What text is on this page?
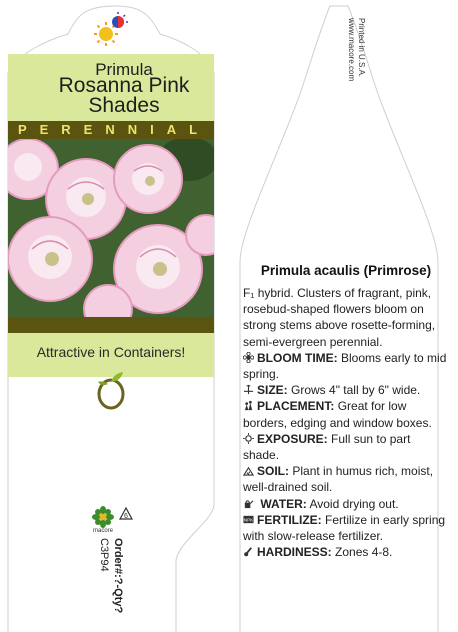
Primula
Rosanna Pink
Shades
PERENNIAL
Attractive in Containers!
macore
6
Order#:?-Qty?
C3P94
Printed in U.S.A.
www.macore.com
Primula acaulis (Primrose)

F₁ hybrid. Clusters of fragrant, pink, rosebud-shaped flowers bloom on strong stems above rosette-forming, semi-evergreen perennial.

BLOOM TIME: Blooms early to mid spring.

SIZE: Grows 4" tall by 6" wide.

PLACEMENT: Great for low borders, edging and window boxes.

EXPOSURE: Full sun to part shade.

SOIL: Plant in humus rich, moist, well-drained soil.

WATER: Avoid drying out.

NPK FERTILIZE: Fertilize in early spring with slow-release fertilizer.

HARDINESS: Zones 4-8.
